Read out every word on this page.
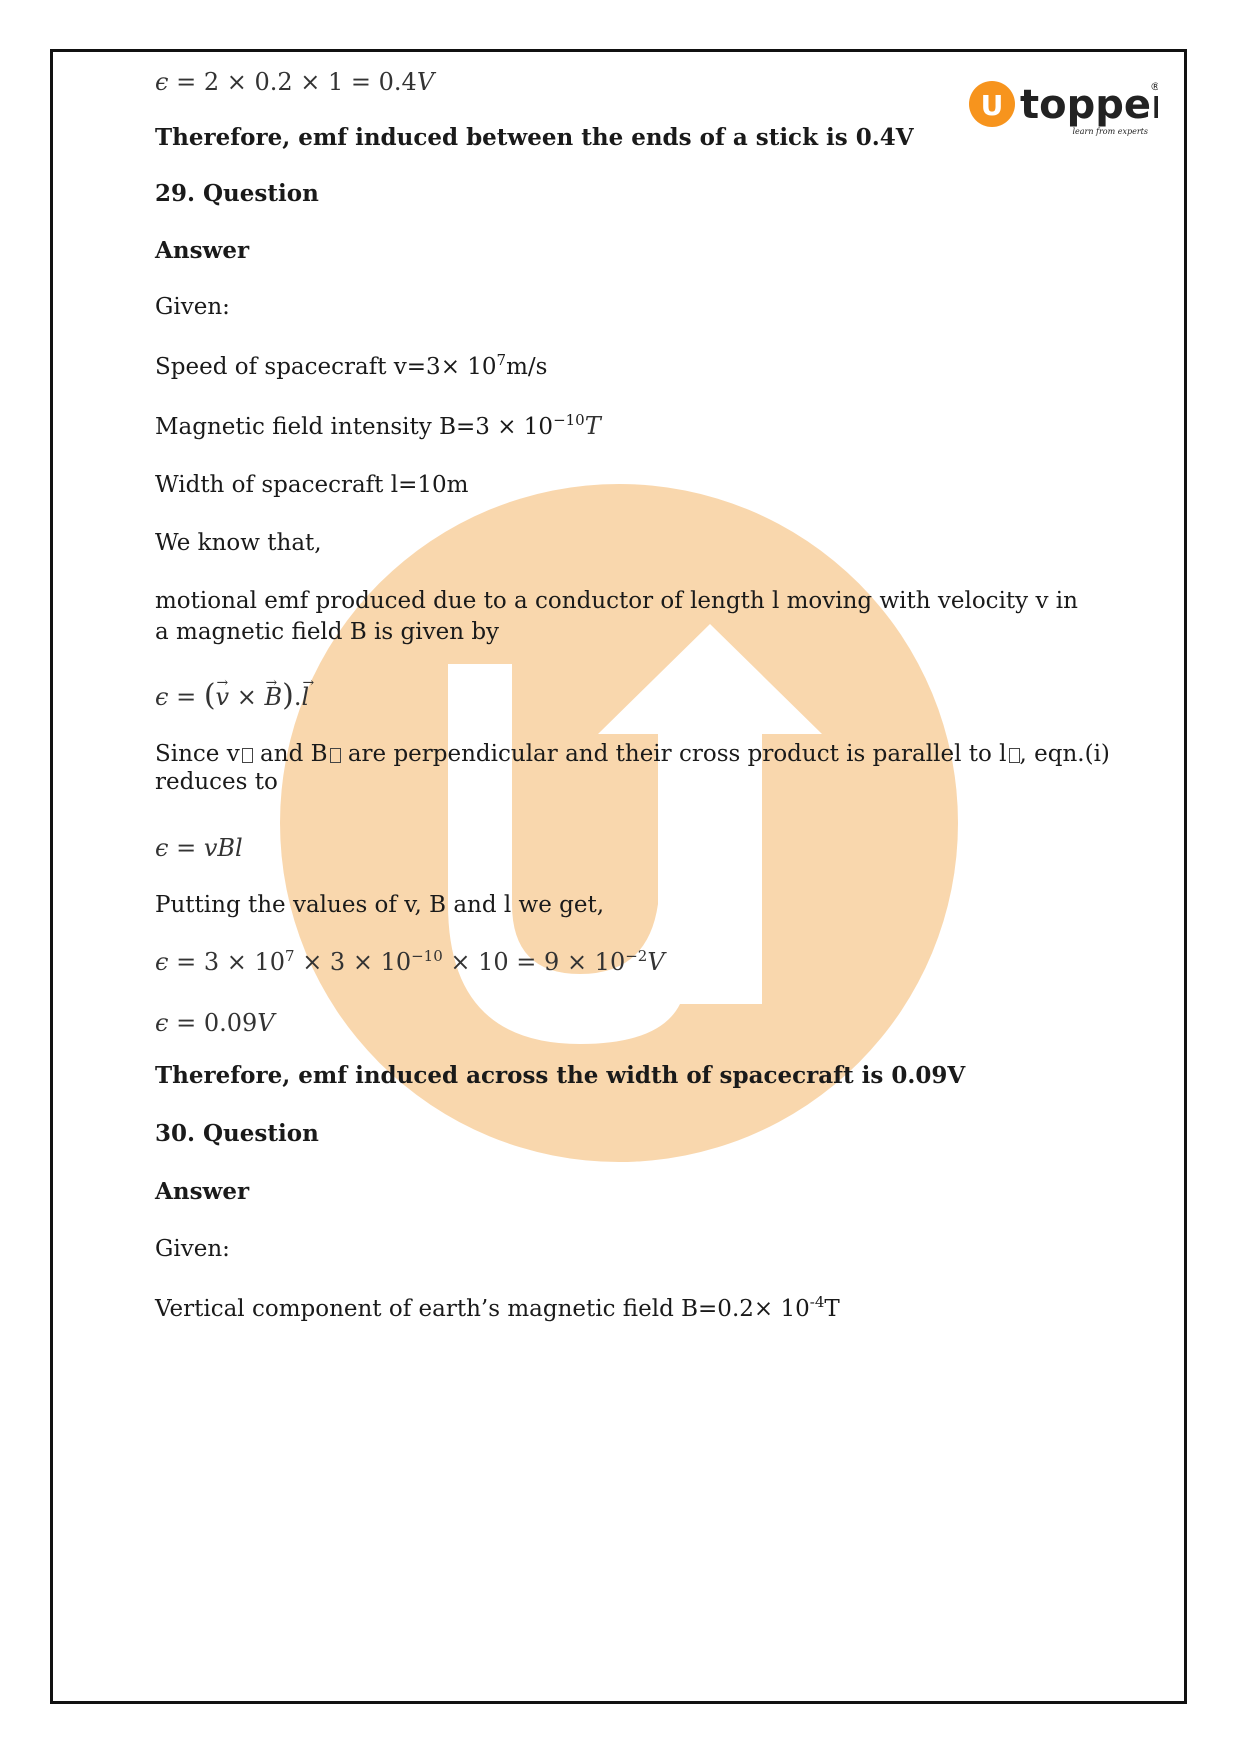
U topper
®
learn from experts
ϵ = 2 × 0.2 × 1 = 0.4V
Therefore, emf induced between the ends of a stick is 0.4V
29. Question
Answer
Given:
Speed of spacecraft $v=3\times 10^7m/s$
Magnetic field intensity $B=3 \times 10^{-10}T$
Width of spacecraft l=10m
We know that,
motional emf produced due to a conductor of length l moving with velocity v in a magnetic field B is given by
ϵ = (v → × B →).l →
Since v and B are perpendicular and their cross product is parallel to l , eqn.(i)
reduces to
ϵ = vBl
Putting the values of v, B and l we get,
$\epsilon = 3 \times 10^7 \times 3 \times 10^{-10} \times 10 = 9 \times 10^{-2}V$
ϵ = 0.09V
Therefore, emf induced across the width of spacecraft is 0.09V
30. Question
Answer
Given:
Vertical component of earth’s magnetic field $B=0.2\times 10^{-4}T$
